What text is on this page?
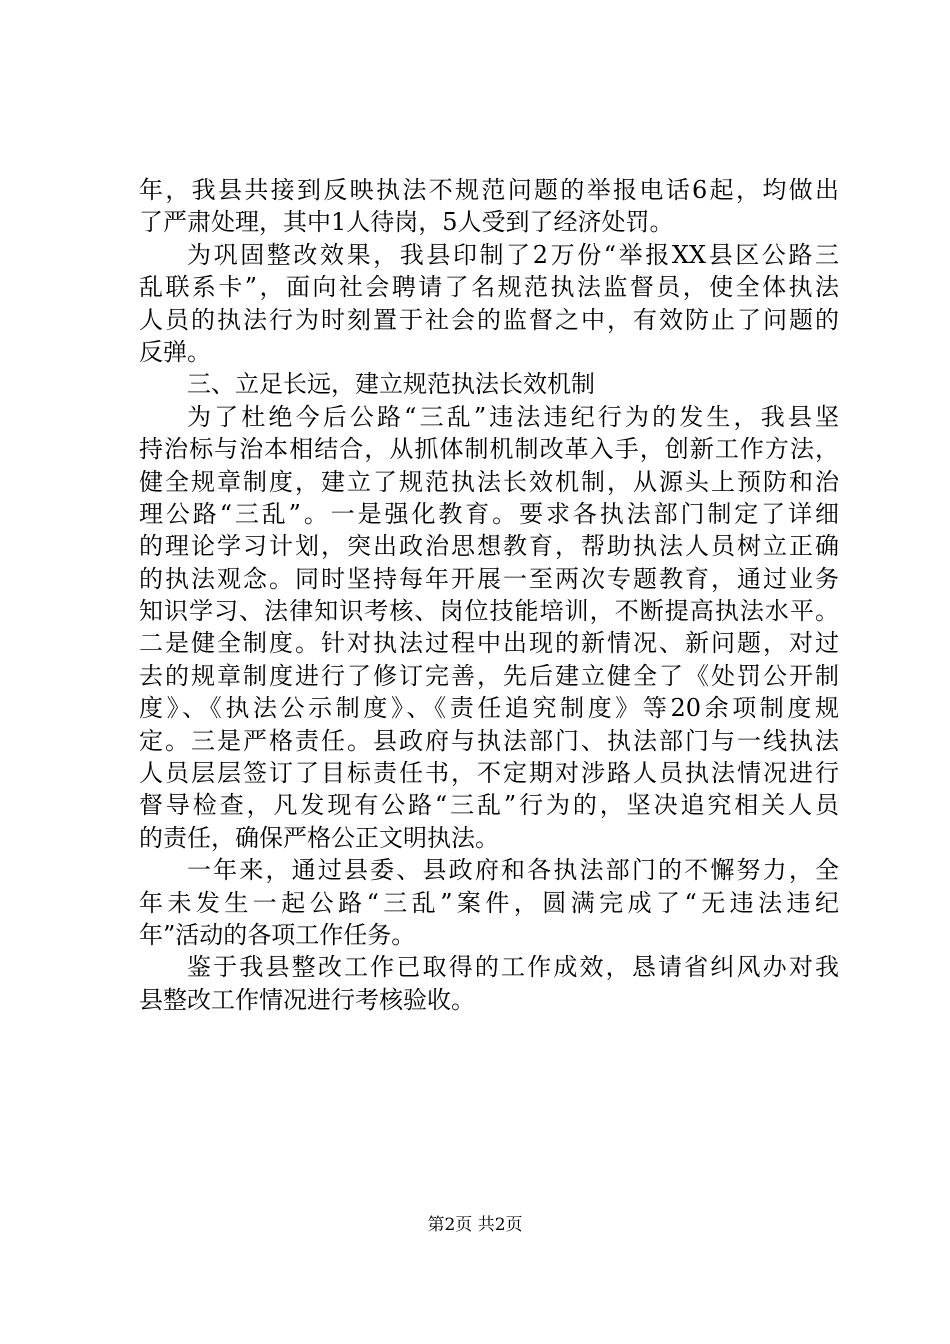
年，我县共接到反映执法不规范问题的举报电话6起，均做出
了严肃处理，其中1人待岗，5人受到了经济处罚。
为巩固整改效果，我县印制了2万份“举报XX县区公路三
乱联系卡”，面向社会聘请了名规范执法监督员，使全体执法
人员的执法行为时刻置于社会的监督之中，有效防止了问题的
反弹。
三、立足长远，建立规范执法长效机制
为了杜绝今后公路“三乱”违法违纪行为的发生，我县坚
持治标与治本相结合，从抓体制机制改革入手，创新工作方法，
健全规章制度，建立了规范执法长效机制，从源头上预防和治
理公路“三乱”。一是强化教育。要求各执法部门制定了详细
的理论学习计划，突出政治思想教育，帮助执法人员树立正确
的执法观念。同时坚持每年开展一至两次专题教育，通过业务
知识学习、法律知识考核、岗位技能培训，不断提高执法水平。
二是健全制度。针对执法过程中出现的新情况、新问题，对过
去的规章制度进行了修订完善，先后建立健全了《处罚公开制
度》、《执法公示制度》、《责任追究制度》等20余项制度规
定。三是严格责任。县政府与执法部门、执法部门与一线执法
人员层层签订了目标责任书，不定期对涉路人员执法情况进行
督导检查，凡发现有公路“三乱”行为的，坚决追究相关人员
的责任，确保严格公正文明执法。
一年来，通过县委、县政府和各执法部门的不懈努力，全
年未发生一起公路“三乱”案件，圆满完成了“无违法违纪
年”活动的各项工作任务。
鉴于我县整改工作已取得的工作成效，恳请省纠风办对我
县整改工作情况进行考核验收。
第2页 共2页
